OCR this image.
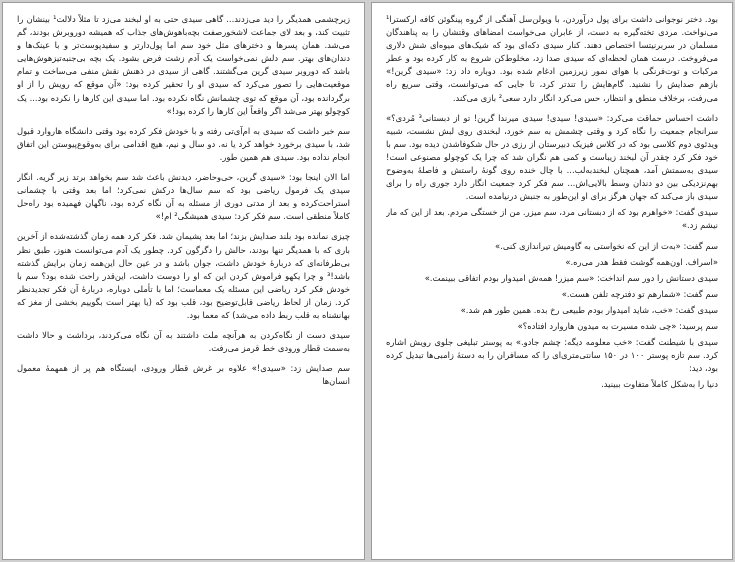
بود. دختر نوجوانی داشت برای پول درآوردن، با ویولن‌سل آهنگی از گروه پینگوئن کافه ارکسترا¹ می‌نواخت. مردی تخته‌گیره به دست، از عابران می‌خواست امضاهای وقتشان را به پناهندگان مسلمان در سربرنیتسا اختصاص دهند. کنار سیدی دکه‌ای بود که شیک‌های میوه‌ای شش دلاری می‌فروخت. درست همان لحظه‌ای که سیدی صدا زد، مخلوط‌کن شروع به کار کرده بود و عطر مرکبات و توت‌فرنگی با هوای نمور زیرزمین ادغام شده بود. دوباره داد زد: «سیدی گرین!» بازهم صدایش را نشنید. گام‌هایش را تندتر کرد، تا جایی که می‌توانست، وقتی سریع راه می‌رفت، برخلاف منطق و انتظار، حس می‌کرد انگار دارد سعی² بازی می‌کند.

داشت احساس حماقت می‌کرد: «سیدی! سیدی! سیدی میرندا گرین! تو از دبستانی³ مُردی؟» سرانجام جمعیت را نگاه کرد و وقتی چشمش به سم خورد، لبخندی روی لبش نشست، شبیه ویدئوی دوم کلاسی بود که در کلاس فیزیک دبیرستان از رزی در حال شکوفاشدن دیده بود. سم با خود فکر کرد چقدر آن لبخند زیباست و کمی هم نگران شد که چرا یک کوچولو مصنوعی است! سیدی به‌سمتش آمد، همچنان لبخندبه‌لب... با چال خنده روی گونهٔ راستش و فاصلهٔ به‌وضوح بهم‌نزدیکی بین دو دندان وسط بالایی‌اش... سم فکر کرد جمعیت انگار دارد جوری راه را برای سیدی باز می‌کند که جهان هرگز برای او این‌طور به جنبش درنیامده است.

سیدی گفت: «خواهرم بود که از دبستانی مرد، سم میزر. من از خستگی مردم. بعد از این که مار نیشم زد.»

سم گفت: «به‌ت از این که نخواستی به گاومیش تیراندازی کنی.»

«اسراف. اون‌همه گوشت فقط هدر می‌ره.»

سیدی دستانش را دور سم انداخت: «سم میزر! همه‌ش امیدوار بودم اتفاقی ببینمت.»

سم گفت: «شمارهم تو دفترچه تلفن هست.»

سیدی گفت: «خب، شاید امیدوار بودم طبیعی رخ بده. همین طور هم شد.»

سم پرسید: «چی شده مسیرت به میدون هاروارد افتاده؟»

سیدی با شیطنت گفت: «خب معلومه دیگه: چشم جادو.» به پوستر تبلیغی جلوی رویش اشاره کرد. سم تازه پوستر ۱۰۰ در ۱۵۰ سانتی‌متری‌ای را که مسافران را به دستهٔ زامبی‌ها تبدیل کرده بود، دید:

دنیا را به‌شکل کاملاً متفاوت ببینید.

زیرچشمی همدیگر را دید می‌زدند... گاهی سیدی حتی به او لبخند می‌زد تا مثلاً دلالت¹ بینشان را تثبیت کند، و بعد لای جماعت لاشخورصفت بچه‌باهوش‌های جذاب که همیشه دوروبرش بودند، گم می‌شد. همان پسرها و دخترهای مثل خود سم اما پول‌دارتر و سفیدپوست‌تر و با عینک‌ها و دندان‌های بهتر. سم دلش نمی‌خواست یک آدم زشت فرض بشود. یک بچه بی‌جنبه‌تیزهوش‌هایی باشد که دوروبر سیدی گرین می‌گشتند. گاهی از سیدی در ذهنش نقش منفی می‌ساخت و تمام موقعیت‌هایی را تصور می‌کرد که سیدی او را تحقیر کرده بود: «آن موقع که رویش را از او برگردانده بود، آن موقع که توی چشمانش نگاه نکرده بود. اما سیدی این کارها را نکرده بود... یک کوچولو بهتر می‌شد اگر واقعاً این کارها را کرده بود!»

سم خبر داشت که سیدی به ام‌آی‌تی رفته و با خودش فکر کرده بود وقتی دانشگاه هاروارد قبول شد، با سیدی برخورد خواهد کرد یا نه. دو سال و نیم، هیچ اقدامی برای به‌وقوع‌پیوستن این اتفاق انجام نداده بود. سیدی هم همین طور.

اما الان اینجا بود: «سیدی گرین، حی‌وحاضر، دیدنش باعث شد سم بخواهد برتد زیر گریه. انگار سیدی یک فرمول ریاضی بود که سم سال‌ها درکش نمی‌کرد؛ اما بعد وقتی با چشمانی استراحت‌کرده و بعد از مدتی دوری از مسئله به آن نگاه کرده بود، ناگهان فهمیده بود راه‌حل کاملاً منطقی است. سم فکر کرد: سیدی همیشگی² ام!»

چیزی نمانده بود بلند صدایش بزند؛ اما بعد پشیمان شد. فکر کرد همه زمان گذشته‌شده از آخرین باری که با همدیگر تنها بودند، حالش را دگرگون کرد. چطور یک آدم می‌توانست هنوز، طبق نظر بی‌طرفانه‌ای که دربارهٔ خودش داشت، جوان باشد و در عین حال این‌همه زمان برایش گذشته باشد!³ و چرا یکهو فراموش کردن این که او را دوست داشت، این‌قدر راحت شده بود؟ سم با خودش فکر کرد ریاضی این مسئله یک معماست؛ اما با تأملی دوباره، دربارهٔ آن فکر تجدیدنظر کرد. زمان از لحاظ ریاضی قابل‌توضیح بود، قلب بود که (یا بهتر است بگوییم بخشی از مغز که بهانشناه به قلب ربط داده می‌شد) که معما بود.

سیدی دست از نگاه‌کردن به هرآنچه ملت داشتند به آن نگاه می‌کردند، برداشت و حالا داشت به‌سمت قطار ورودی خط قرمز می‌رفت.

سم صدایش زد: «سیدی!» علاوه بر غرش قطار ورودی، ایستگاه هم پر از همهمهٔ معمول انسان‌ها
